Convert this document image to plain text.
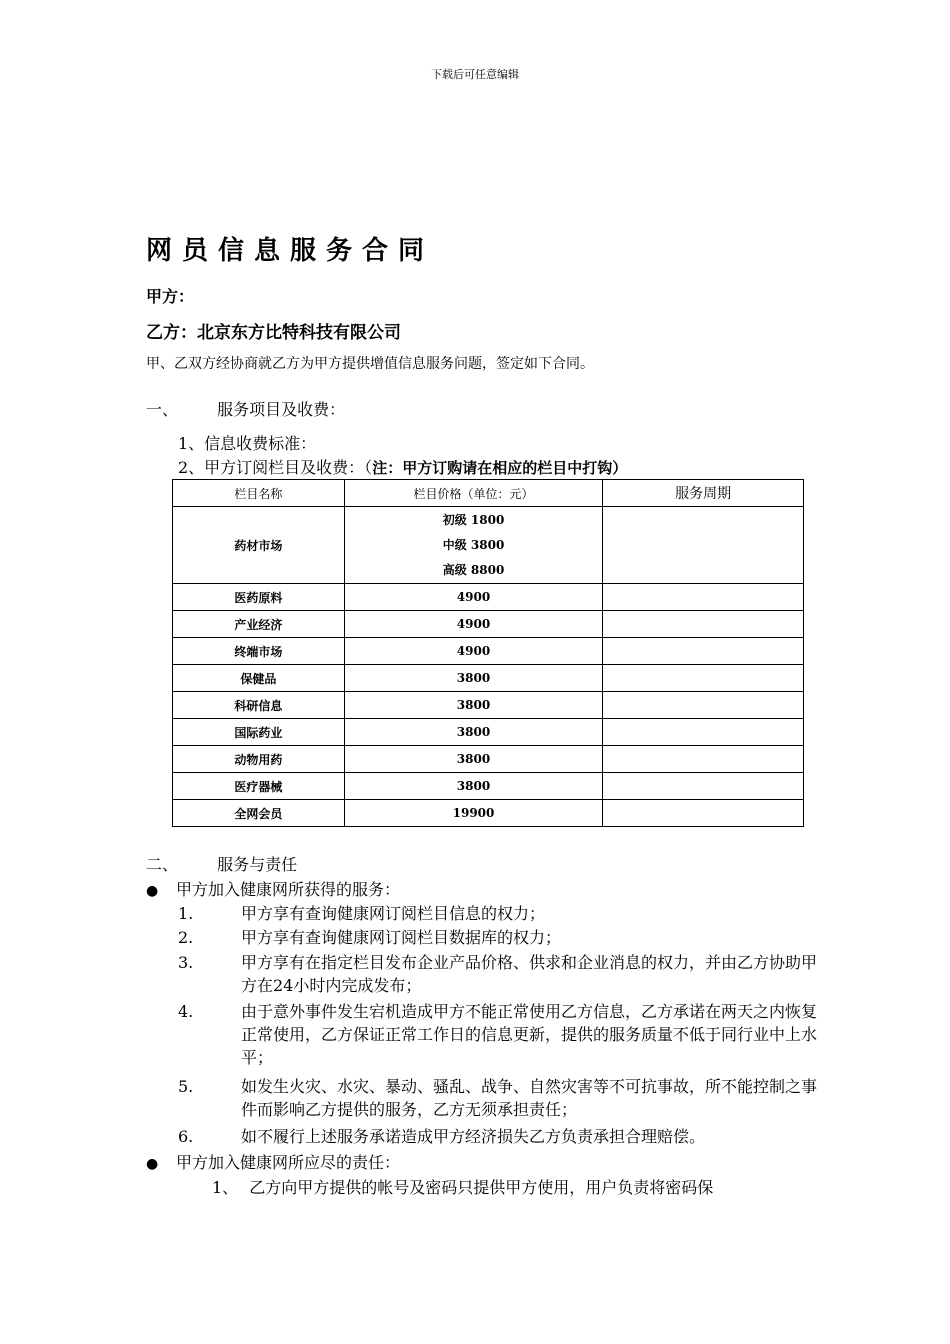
下载后可任意编辑
网员信息服务合同
甲方：
乙方：北京东方比特科技有限公司
甲、乙双方经协商就乙方为甲方提供增值信息服务问题，签定如下合同。
一、 服务项目及收费：
1、信息收费标准：
2、甲方订阅栏目及收费：（注：甲方订购请在相应的栏目中打钩）
栏目名称	栏目价格（单位：元）	服务周期
药材市场	初级 1800
中级 3800
高级 8800	

医药原料	4900	
产业经济	4900	
终端市场	4900	
保健品	3800	
科研信息	3800	
国际药业	3800	
动物用药	3800	
医疗器械	3800	
全网会员	19900	
二、 服务与责任
● 甲方加入健康网所获得的服务：
1.	甲方享有查询健康网订阅栏目信息的权力；
2.	甲方享有查询健康网订阅栏目数据库的权力；
3.	甲方享有在指定栏目发布企业产品价格、供求和企业消息的权力，并由乙方协助甲方在24小时内完成发布；
4.	由于意外事件发生宕机造成甲方不能正常使用乙方信息，乙方承诺在两天之内恢复正常使用，乙方保证正常工作日的信息更新，提供的服务质量不低于同行业中上水平；
5.	如发生火灾、水灾、暴动、骚乱、战争、自然灾害等不可抗事故，所不能控制之事件而影响乙方提供的服务，乙方无须承担责任；
6.	如不履行上述服务承诺造成甲方经济损失乙方负责承担合理赔偿。
● 甲方加入健康网所应尽的责任：
1、 乙方向甲方提供的帐号及密码只提供甲方使用，用户负责将密码保
